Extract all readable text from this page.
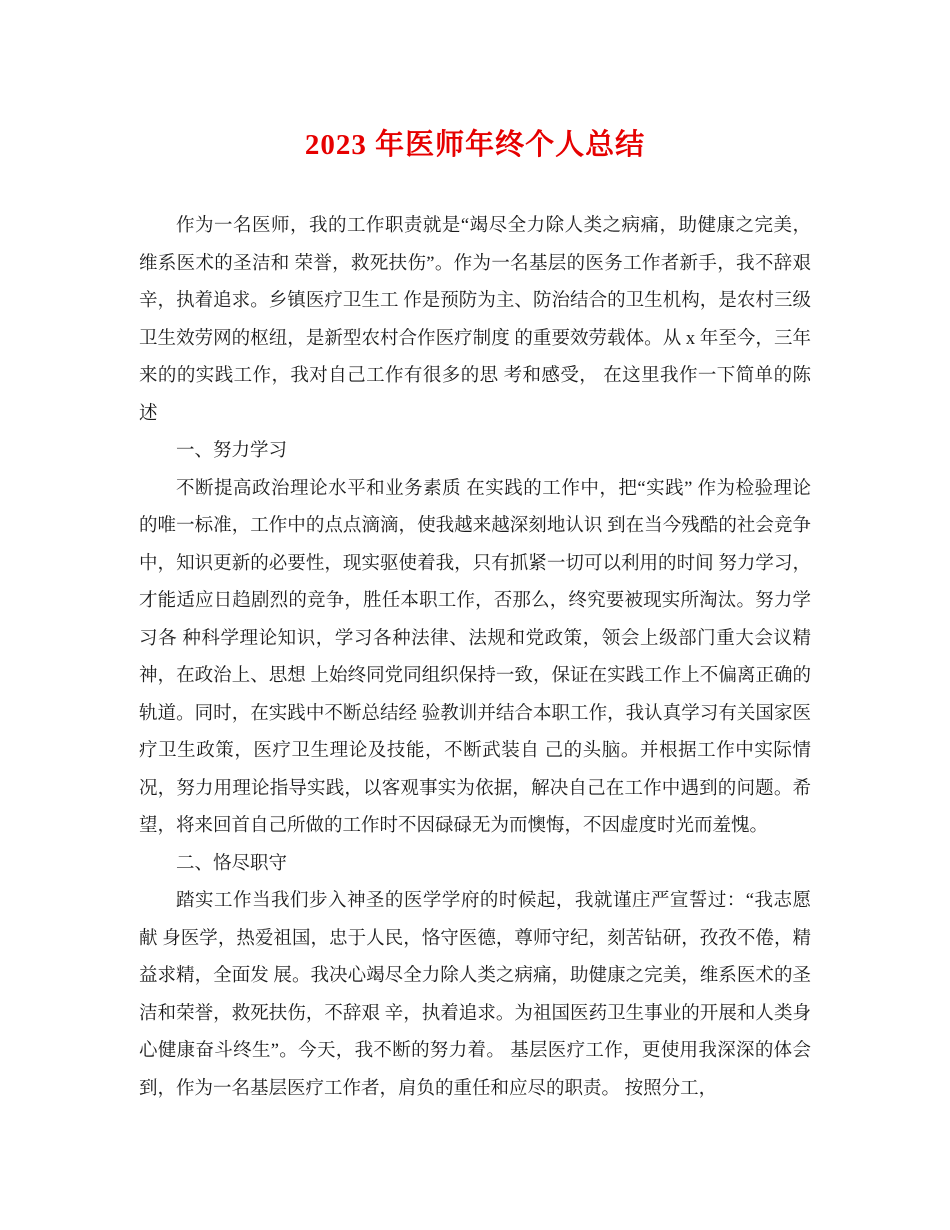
2023 年医师年终个人总结

作为一名医师，我的工作职责就是“竭尽全力除人类之病痛，助健康之完美，维系医术的圣洁和 荣誉，救死扶伤”。作为一名基层的医务工作者新手，我不辞艰辛，执着追求。乡镇医疗卫生工 作是预防为主、防治结合的卫生机构，是农村三级卫生效劳网的枢纽，是新型农村合作医疗制度 的重要效劳载体。从 x 年至今，三年来的的实践工作，我对自己工作有很多的思 考和感受， 在这里我作一下简单的陈述

一、努力学习

不断提高政治理论水平和业务素质 在实践的工作中，把“实践” 作为检验理论的唯一标准，工作中的点点滴滴，使我越来越深刻地认识 到在当今残酷的社会竞争中，知识更新的必要性，现实驱使着我，只有抓紧一切可以利用的时间 努力学习，才能适应日趋剧烈的竞争，胜任本职工作，否那么，终究要被现实所淘汰。努力学习各 种科学理论知识，学习各种法律、法规和党政策，领会上级部门重大会议精神，在政治上、思想 上始终同党同组织保持一致，保证在实践工作上不偏离正确的轨道。同时，在实践中不断总结经 验教训并结合本职工作，我认真学习有关国家医疗卫生政策，医疗卫生理论及技能，不断武装自 己的头脑。并根据工作中实际情况，努力用理论指导实践，以客观事实为依据，解决自己在工作中遇到的问题。希望，将来回首自己所做的工作时不因碌碌无为而懊悔，不因虚度时光而羞愧。

二、恪尽职守

踏实工作当我们步入神圣的医学学府的时候起，我就谨庄严宣誓过：“我志愿献 身医学，热爱祖国，忠于人民，恪守医德，尊师守纪，刻苦钻研，孜孜不倦，精益求精，全面发 展。我决心竭尽全力除人类之病痛，助健康之完美，维系医术的圣洁和荣誉，救死扶伤，不辞艰 辛，执着追求。为祖国医药卫生事业的开展和人类身心健康奋斗终生”。今天，我不断的努力着。 基层医疗工作，更使用我深深的体会到，作为一名基层医疗工作者，肩负的重任和应尽的职责。 按照分工，
